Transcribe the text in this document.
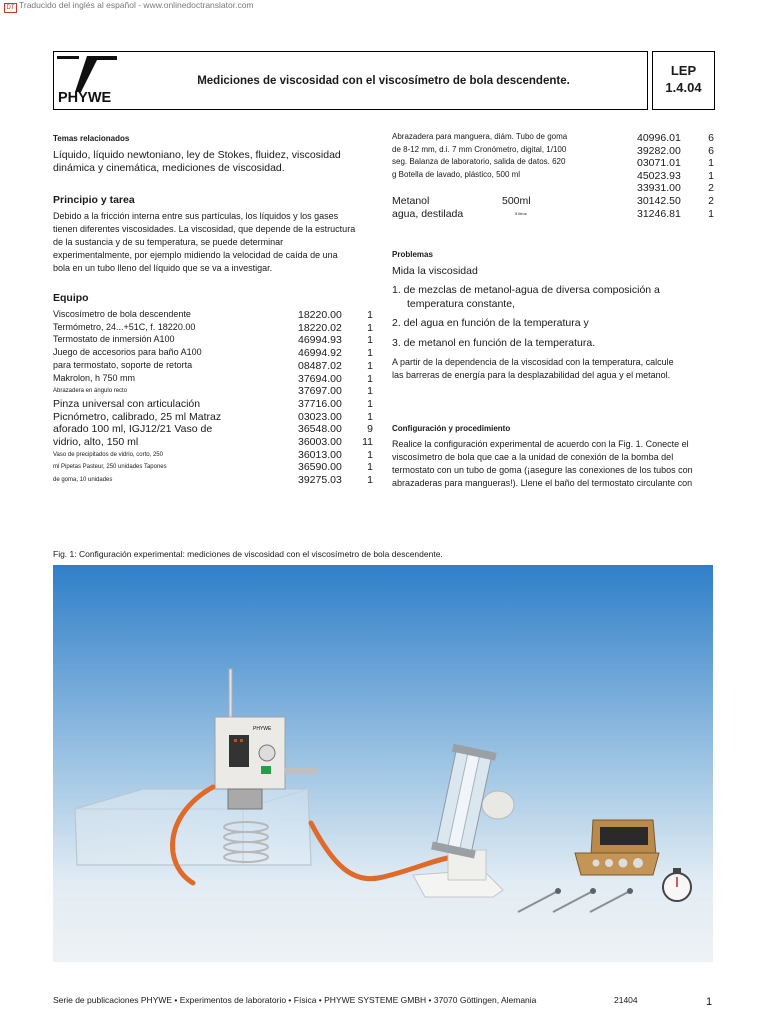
DT Traducido del inglés al español - www.onlinedoctranslator.com
PHYWE
Mediciones de viscosidad con el viscosímetro de bola descendente.
LEP
1.4.04
Temas relacionados
Líquido, líquido newtoniano, ley de Stokes, fluidez, viscosidad
dinámica y cinemática, mediciones de viscosidad.
Principio y tarea
Debido a la fricción interna entre sus partículas, los líquidos y los gases
tienen diferentes viscosidades. La viscosidad, que depende de la estructura
de la sustancia y de su temperatura, se puede determinar
experimentalmente, por ejemplo midiendo la velocidad de caída de una
bola en un tubo lleno del líquido que se va a investigar.
Equipo
Viscosímetro de bola descendente	18220.00	1
Termómetro, 24...+51C, f. 18220.00	18220.02	1
Termostato de inmersión A100	46994.93	1
Juego de accesorios para baño A100	46994.92	1
para termostato, soporte de retorta	08487.02	1
Makrolon, h 750 mm	37694.00	1
Abrazadera en ángulo recto	37697.00	1
Pinza universal con articulación	37716.00	1
Picnómetro, calibrado, 25 ml Matraz	03023.00	1
aforado 100 ml, IGJ12/21 Vaso de	36548.00	9
vidrio, alto, 150 ml	36003.00	11
Vaso de precipitados de vidrio, corto, 250	36013.00	1
ml Pipetas Pasteur, 250 unidades Tapones	36590.00	1
de goma, 10 unidades	39275.03	1
Abrazadera para manguera, diám. Tubo de goma	40996.01	6
de 8-12 mm, d.i. 7 mm Cronómetro, digital, 1/100	39282.00	6
seg. Balanza de laboratorio, salida de datos. 620	03071.01	1
g Botella de lavado, plástico, 500 ml	45023.93	1
33931.00	2
Metanol	500ml	30142.50	2
agua, destilada	5 litros	31246.81	1
Problemas
Mida la viscosidad
1. de mezclas de metanol-agua de diversa composición a
temperatura constante,
2. del agua en función de la temperatura y
3. de metanol en función de la temperatura.
A partir de la dependencia de la viscosidad con la temperatura, calcule
las barreras de energía para la desplazabilidad del agua y el metanol.
Configuración y procedimiento
Realice la configuración experimental de acuerdo con la Fig. 1. Conecte el
viscosímetro de bola que cae a la unidad de conexión de la bomba del
termostato con un tubo de goma (¡asegure las conexiones de los tubos con
abrazaderas para mangueras!). Llene el baño del termostato circulante con
Fig. 1: Configuración experimental: mediciones de viscosidad con el viscosímetro de bola descendente.
PHYWE
Serie de publicaciones PHYWE • Experimentos de laboratorio • Física • PHYWE SYSTEME GMBH • 37070 Göttingen, Alemania	21404	1
